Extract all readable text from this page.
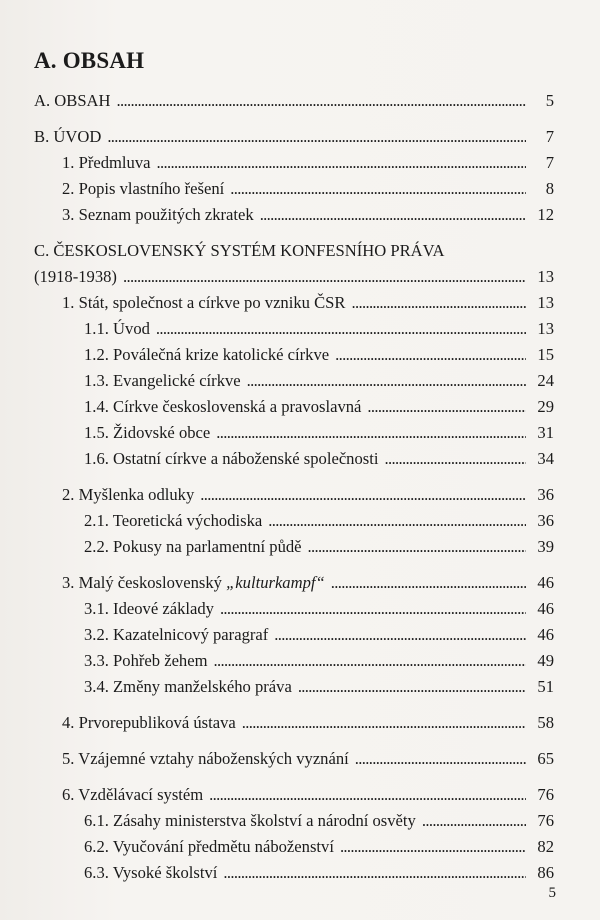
A. OBSAH
A. OBSAH . . .	5
B. ÚVOD . . .	7
1. Předmluva . . .	7
2. Popis vlastního řešení . . .	8
3. Seznam použitých zkratek . . .	12
C. ČESKOSLOVENSKÝ SYSTÉM KONFESNÍHO PRÁVA
(1918-1938) . . .	13
1. Stát, společnost a církve po vzniku ČSR . . .	13
1.1. Úvod . . .	13
1.2. Poválečná krize katolické církve . . .	15
1.3. Evangelické církve . . .	24
1.4. Církve československá a pravoslavná . . .	29
1.5. Židovské obce . . .	31
1.6. Ostatní církve a náboženské společnosti . . .	34
2. Myšlenka odluky . . .	36
2.1. Teoretická východiska . . .	36
2.2. Pokusy na parlamentní půdě . . .	39
3. Malý československý „kulturkampf“ . . .	46
3.1. Ideové základy . . .	46
3.2. Kazatelnicový paragraf . . .	46
3.3. Pohřeb žehem . . .	49
3.4. Změny manželského práva . . .	51
4. Prvorepubliková ústava . . .	58
5. Vzájemné vztahy náboženských vyznání . . .	65
6. Vzdělávací systém . . .	76
6.1. Zásahy ministerstva školství a národní osvěty . . .	76
6.2. Vyučování předmětu náboženství . . .	82
6.3. Vysoké školství . . .	86
5
